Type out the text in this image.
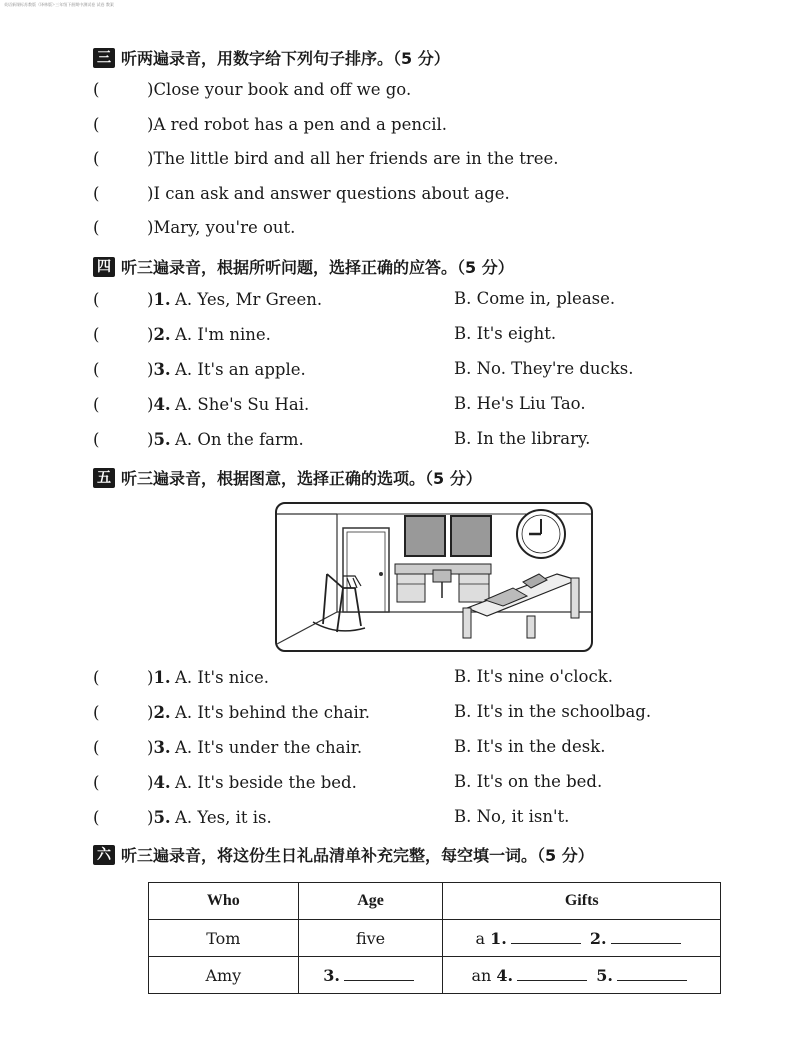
英语新课标苏教版（译林版）·三年级下册期中测试卷 试卷 教案
三 听两遍录音，用数字给下列句子排序。（5 分）
(	)Close your book and off we go.
(	)A red robot has a pen and a pencil.
(	)The little bird and all her friends are in the tree.
(	)I can ask and answer questions about age.
(	)Mary, you're out.
四 听三遍录音，根据所听问题，选择正确的应答。（5 分）
(	)1. A. Yes, Mr Green.	B. Come in, please.
(	)2. A. I'm nine.	B. It's eight.
(	)3. A. It's an apple.	B. No. They're ducks.
(	)4. A. She's Su Hai.	B. He's Liu Tao.
(	)5. A. On the farm.	B. In the library.
五 听三遍录音，根据图意，选择正确的选项。（5 分）
(	)1. A. It's nice.	B. It's nine o'clock.
(	)2. A. It's behind the chair.	B. It's in the schoolbag.
(	)3. A. It's under the chair.	B. It's in the desk.
(	)4. A. It's beside the bed.	B. It's on the bed.
(	)5. A. Yes, it is.	B. No, it isn't.
六 听三遍录音，将这份生日礼品清单补充完整，每空填一词。（5 分）
Who	Age	Gifts
Tom	five	a 1. 2.
Amy	3.	an 4. 5.
